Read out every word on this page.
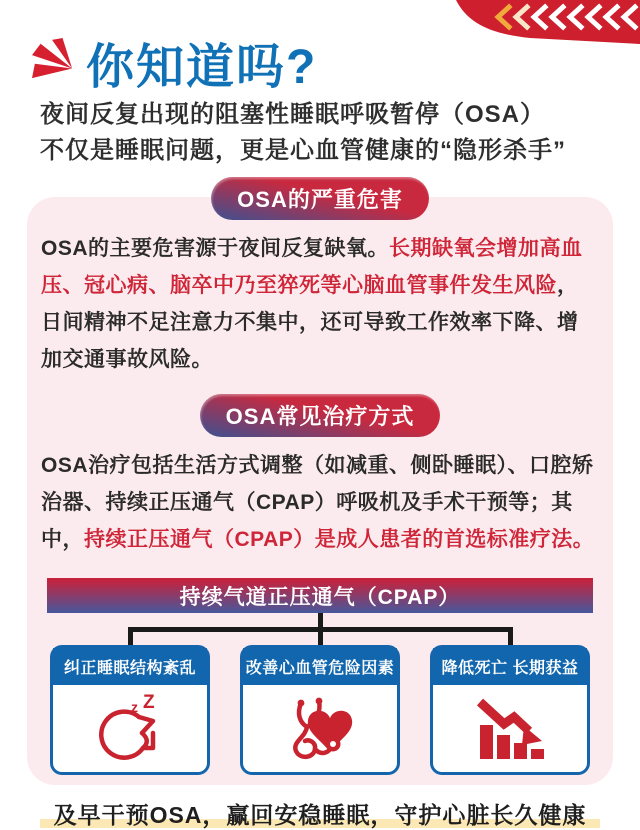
你知道吗?
夜间反复出现的阻塞性睡眠呼吸暂停（OSA）
不仅是睡眠问题，更是心血管健康的“隐形杀手”
OSA的严重危害

OSA的主要危害源于夜间反复缺氧。长期缺氧会增加高血压、冠心病、脑卒中乃至猝死等心脑血管事件发生风险，日间精神不足注意力不集中，还可导致工作效率下降、增加交通事故风险。

OSA常见治疗方式

OSA治疗包括生活方式调整（如减重、侧卧睡眠）、口腔矫治器、持续正压通气（CPAP）呼吸机及手术干预等；其中，持续正压通气（CPAP）是成人患者的首选标准疗法。

持续气道正压通气（CPAP）
纠正睡眠结构紊乱
z Z
改善心血管危险因素	降低死亡 长期获益
及早干预OSA，赢回安稳睡眠，守护心脏长久健康
